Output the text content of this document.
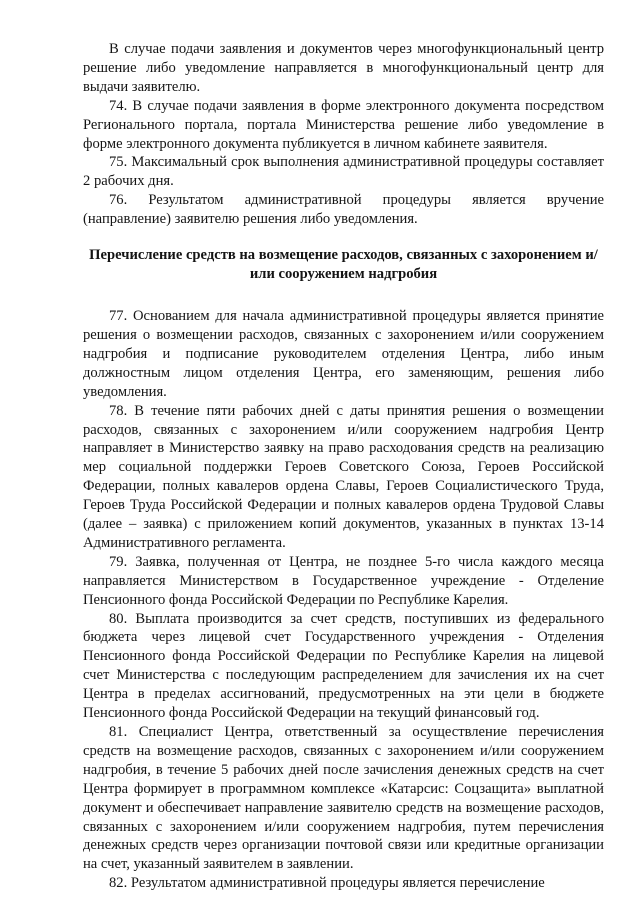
В случае подачи заявления и документов через многофункциональный центр решение либо уведомление направляется в многофункциональный центр для выдачи заявителю.

74. В случае подачи заявления в форме электронного документа посредством Регионального портала, портала Министерства решение либо уведомление в форме электронного документа публикуется в личном кабинете заявителя.

75. Максимальный срок выполнения административной процедуры составляет 2 рабочих дня.

76. Результатом административной процедуры является вручение (направление) заявителю решения либо уведомления.

Перечисление средств на возмещение расходов, связанных с захоронением и/или сооружением надгробия

77. Основанием для начала административной процедуры является принятие решения о возмещении расходов, связанных с захоронением и/или сооружением надгробия и подписание руководителем отделения Центра, либо иным должностным лицом отделения Центра, его заменяющим, решения либо уведомления.

78. В течение пяти рабочих дней с даты принятия решения о возмещении расходов, связанных с захоронением и/или сооружением надгробия Центр направляет в Министерство заявку на право расходования средств на реализацию мер социальной поддержки Героев Советского Союза, Героев Российской Федерации, полных кавалеров ордена Славы, Героев Социалистического Труда, Героев Труда Российской Федерации и полных кавалеров ордена Трудовой Славы (далее – заявка) с приложением копий документов, указанных в пунктах 13-14 Административного регламента.

79. Заявка, полученная от Центра, не позднее 5-го числа каждого месяца направляется Министерством в Государственное учреждение - Отделение Пенсионного фонда Российской Федерации по Республике Карелия.

80. Выплата производится за счет средств, поступивших из федерального бюджета через лицевой счет Государственного учреждения - Отделения Пенсионного фонда Российской Федерации по Республике Карелия на лицевой счет Министерства с последующим распределением для зачисления их на счет Центра в пределах ассигнований, предусмотренных на эти цели в бюджете Пенсионного фонда Российской Федерации на текущий финансовый год.

81. Специалист Центра, ответственный за осуществление перечисления средств на возмещение расходов, связанных с захоронением и/или сооружением надгробия, в течение 5 рабочих дней после зачисления денежных средств на счет Центра формирует в программном комплексе «Катарсис: Соцзащита» выплатной документ и обеспечивает направление заявителю средств на возмещение расходов, связанных с захоронением и/или сооружением надгробия, путем перечисления денежных средств через организации почтовой связи или кредитные организации на счет, указанный заявителем в заявлении.

82. Результатом административной процедуры является перечисление
